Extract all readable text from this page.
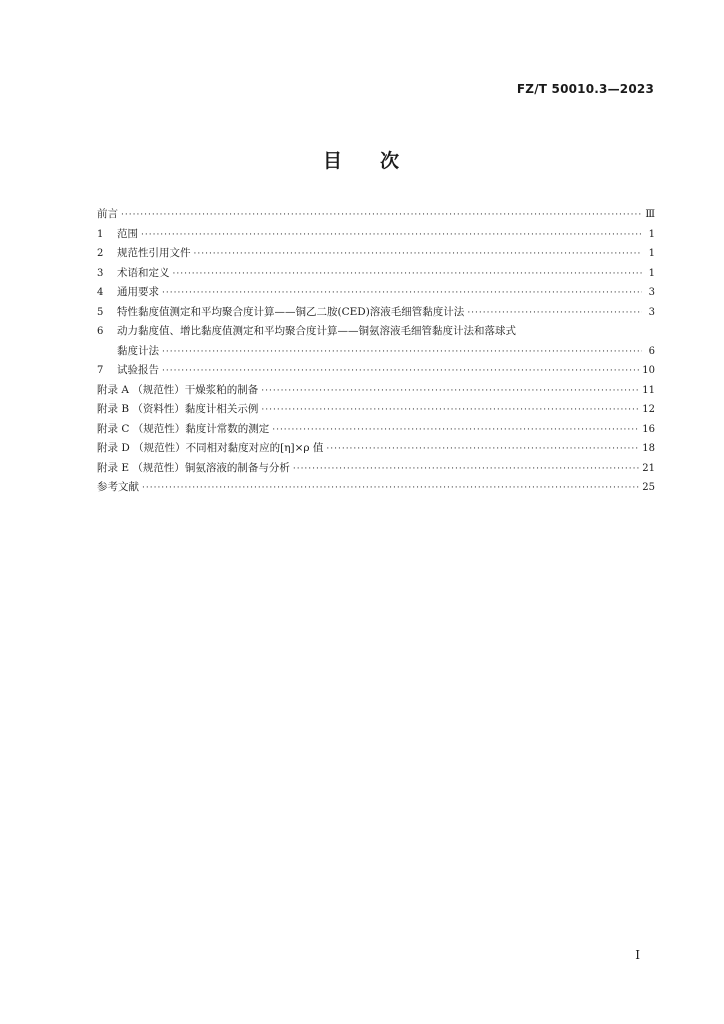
FZ/T 50010.3—2023
目 次
前言 ·····	Ⅲ
1	范围 ·····	1
2	规范性引用文件 ·····	1
3	术语和定义 ·····	1
4	通用要求 ·····	3
5	特性黏度值测定和平均聚合度计算——铜乙二胺(CED)溶液毛细管黏度计法 ·····	3
6	动力黏度值、增比黏度值测定和平均聚合度计算——铜氨溶液毛细管黏度计法和落球式
黏度计法 ·····	6
7	试验报告 ·····	10
附录 A （规范性）干燥浆粕的制备 ·····	11
附录 B （资料性）黏度计相关示例 ·····	12
附录 C （规范性）黏度计常数的测定 ·····	16
附录 D （规范性）不同相对黏度对应的[η]×ρ 值 ·····	18
附录 E （规范性）铜氨溶液的制备与分析 ·····	21
参考文献 ·····	25
I
